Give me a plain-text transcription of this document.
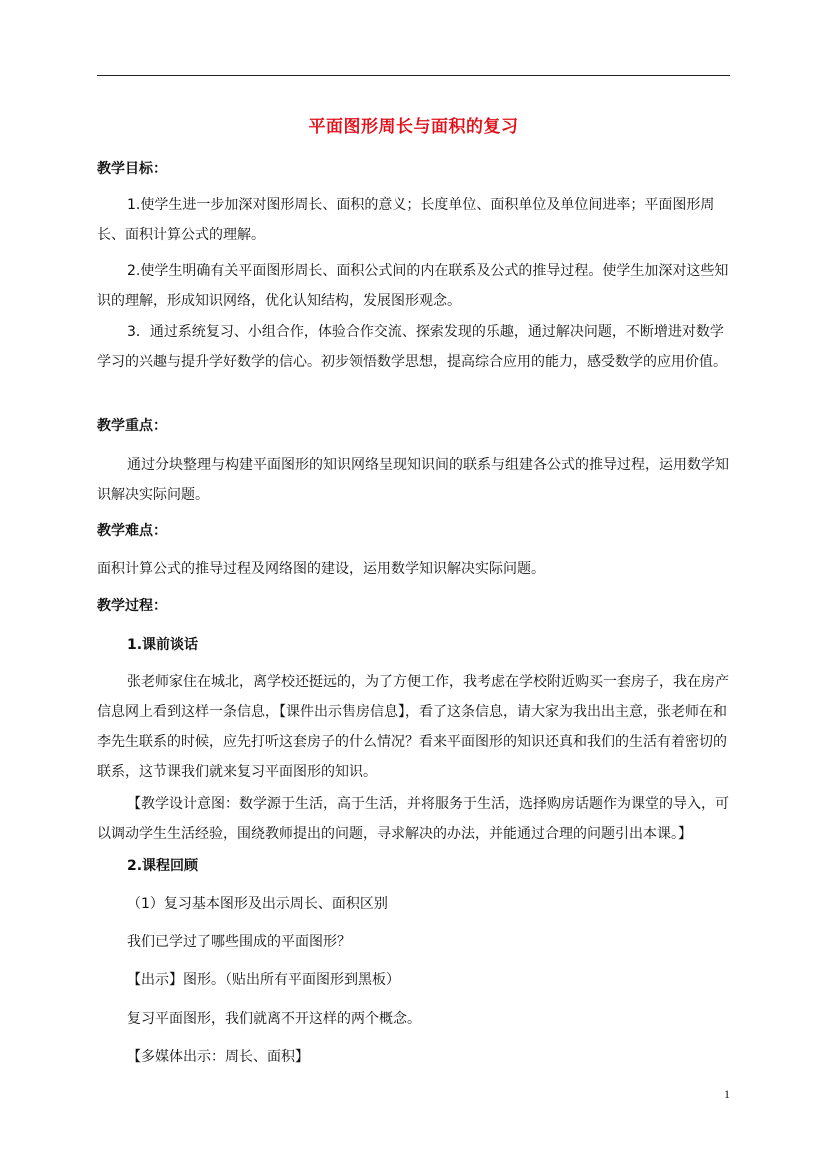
平面图形周长与面积的复习
教学目标：

1.使学生进一步加深对图形周长、面积的意义；长度单位、面积单位及单位间进率；平面图形周长、面积计算公式的理解。

2.使学生明确有关平面图形周长、面积公式间的内在联系及公式的推导过程。使学生加深对这些知识的理解，形成知识网络，优化认知结构，发展图形观念。

3．通过系统复习、小组合作，体验合作交流、探索发现的乐趣，通过解决问题，不断增进对数学学习的兴趣与提升学好数学的信心。初步领悟数学思想，提高综合应用的能力，感受数学的应用价值。

教学重点：

通过分块整理与构建平面图形的知识网络呈现知识间的联系与组建各公式的推导过程，运用数学知识解决实际问题。

教学难点：

面积计算公式的推导过程及网络图的建设，运用数学知识解决实际问题。

教学过程：
1.课前谈话

张老师家住在城北，离学校还挺远的，为了方便工作，我考虑在学校附近购买一套房子，我在房产信息网上看到这样一条信息，【课件出示售房信息】，看了这条信息，请大家为我出出主意，张老师在和李先生联系的时候，应先打听这套房子的什么情况？看来平面图形的知识还真和我们的生活有着密切的联系，这节课我们就来复习平面图形的知识。

【教学设计意图：数学源于生活，高于生活，并将服务于生活，选择购房话题作为课堂的导入，可以调动学生生活经验，围绕教师提出的问题，寻求解决的办法，并能通过合理的问题引出本课。】

2.课程回顾
（1）复习基本图形及出示周长、面积区别
我们已学过了哪些围成的平面图形？
【出示】图形。（贴出所有平面图形到黑板）
复习平面图形，我们就离不开这样的两个概念。
【多媒体出示：周长、面积】
1
